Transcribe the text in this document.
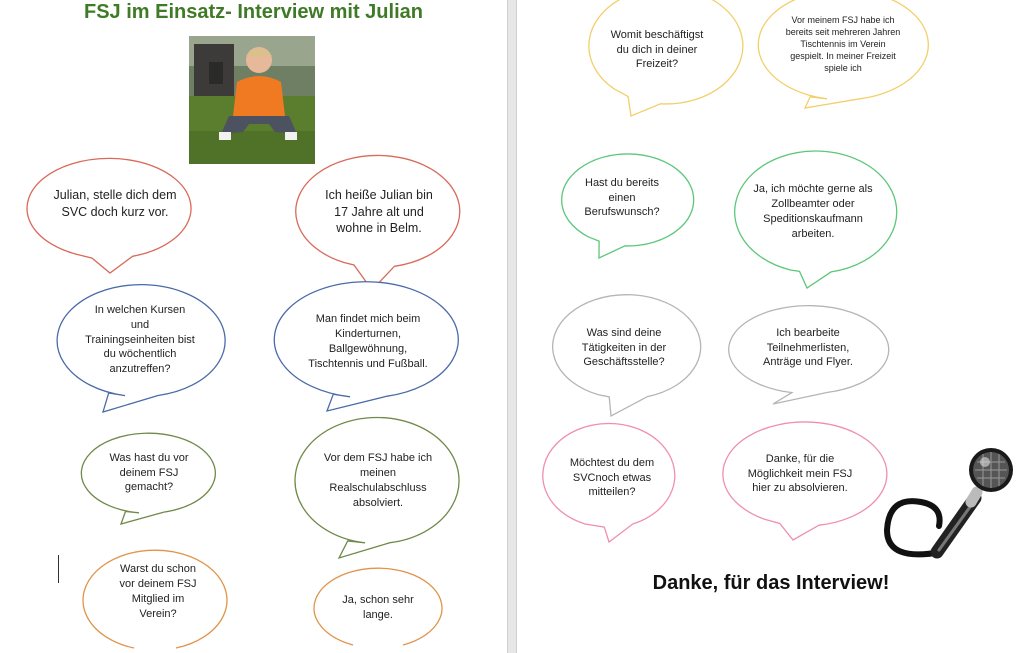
FSJ im Einsatz- Interview mit Julian
Julian, stelle dich dem SVC doch kurz vor.
Ich heiße Julian bin 17 Jahre alt und wohne in Belm.
In welchen Kursen und Trainingseinheiten bist du wöchentlich anzutreffen?
Man findet mich beim Kinderturnen, Ballgewöhnung, Tischtennis und Fußball.
Was hast du vor deinem FSJ gemacht?
Vor dem FSJ habe ich meinen Realschulabschluss absolviert.
Warst du schon vor deinem FSJ Mitglied im Verein?
Ja, schon sehr lange.
Womit beschäftigst du dich in deiner Freizeit?
Vor meinem FSJ habe ich bereits seit mehreren Jahren Tischtennis im Verein gespielt. In meiner Freizeit spiele ich
Hast du bereits einen Berufswunsch?
Ja, ich möchte gerne als Zollbeamter oder Speditionskaufmann arbeiten.
Was sind deine Tätigkeiten in der Geschäftsstelle?
Ich bearbeite Teilnehmerlisten, Anträge und Flyer.
Möchtest du dem SVCnoch etwas mitteilen?
Danke, für die Möglichkeit mein FSJ hier zu absolvieren.
Danke, für das Interview!
